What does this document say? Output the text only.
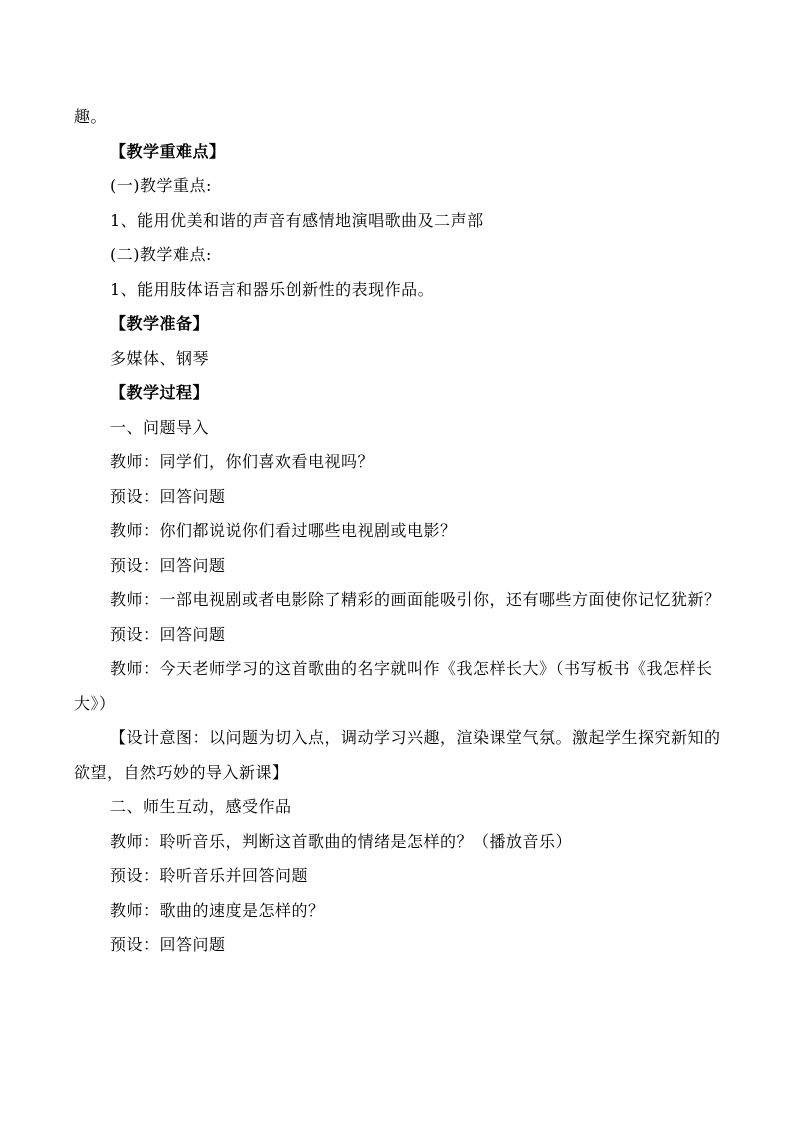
趣。
【教学重难点】
(一)教学重点:
1、能用优美和谐的声音有感情地演唱歌曲及二声部
(二)教学难点:
1、能用肢体语言和器乐创新性的表现作品。
【教学准备】
多媒体、钢琴
【教学过程】
一、问题导入
教师：同学们，你们喜欢看电视吗？
预设：回答问题
教师：你们都说说你们看过哪些电视剧或电影？
预设：回答问题
教师：一部电视剧或者电影除了精彩的画面能吸引你，还有哪些方面使你记忆犹新？
预设：回答问题
教师：今天老师学习的这首歌曲的名字就叫作《我怎样长大》（书写板书《我怎样长大》）
【设计意图：以问题为切入点，调动学习兴趣，渲染课堂气氛。激起学生探究新知的欲望，自然巧妙的导入新课】
二、师生互动，感受作品
教师：聆听音乐，判断这首歌曲的情绪是怎样的？（播放音乐）
预设：聆听音乐并回答问题
教师：歌曲的速度是怎样的？
预设：回答问题
